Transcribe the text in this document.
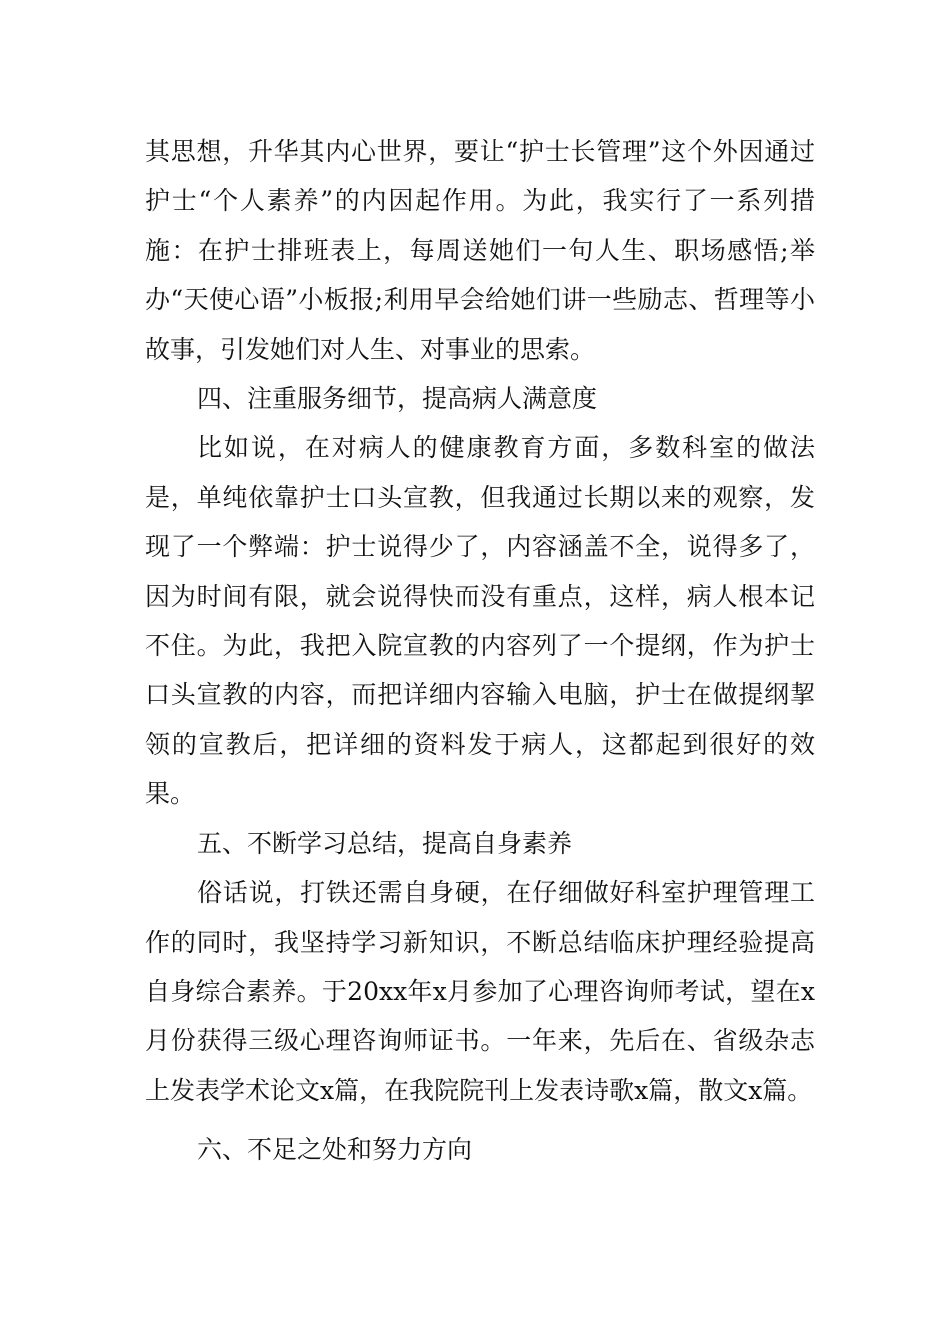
其思想，升华其内心世界，要让“护士长管理”这个外因通过护士“个人素养”的内因起作用。为此，我实行了一系列措施：在护士排班表上，每周送她们一句人生、职场感悟;举办“天使心语”小板报;利用早会给她们讲一些励志、哲理等小故事，引发她们对人生、对事业的思索。

四、注重服务细节，提高病人满意度

比如说，在对病人的健康教育方面，多数科室的做法是，单纯依靠护士口头宣教，但我通过长期以来的观察，发现了一个弊端：护士说得少了，内容涵盖不全，说得多了，因为时间有限，就会说得快而没有重点，这样，病人根本记不住。为此，我把入院宣教的内容列了一个提纲，作为护士口头宣教的内容，而把详细内容输入电脑，护士在做提纲挈领的宣教后，把详细的资料发于病人，这都起到很好的效果。

五、不断学习总结，提高自身素养

俗话说，打铁还需自身硬，在仔细做好科室护理管理工作的同时，我坚持学习新知识，不断总结临床护理经验提高自身综合素养。于20xx年x月参加了心理咨询师考试，望在x月份获得三级心理咨询师证书。一年来，先后在、省级杂志上发表学术论文x篇，在我院院刊上发表诗歌x篇，散文x篇。

六、不足之处和努力方向
